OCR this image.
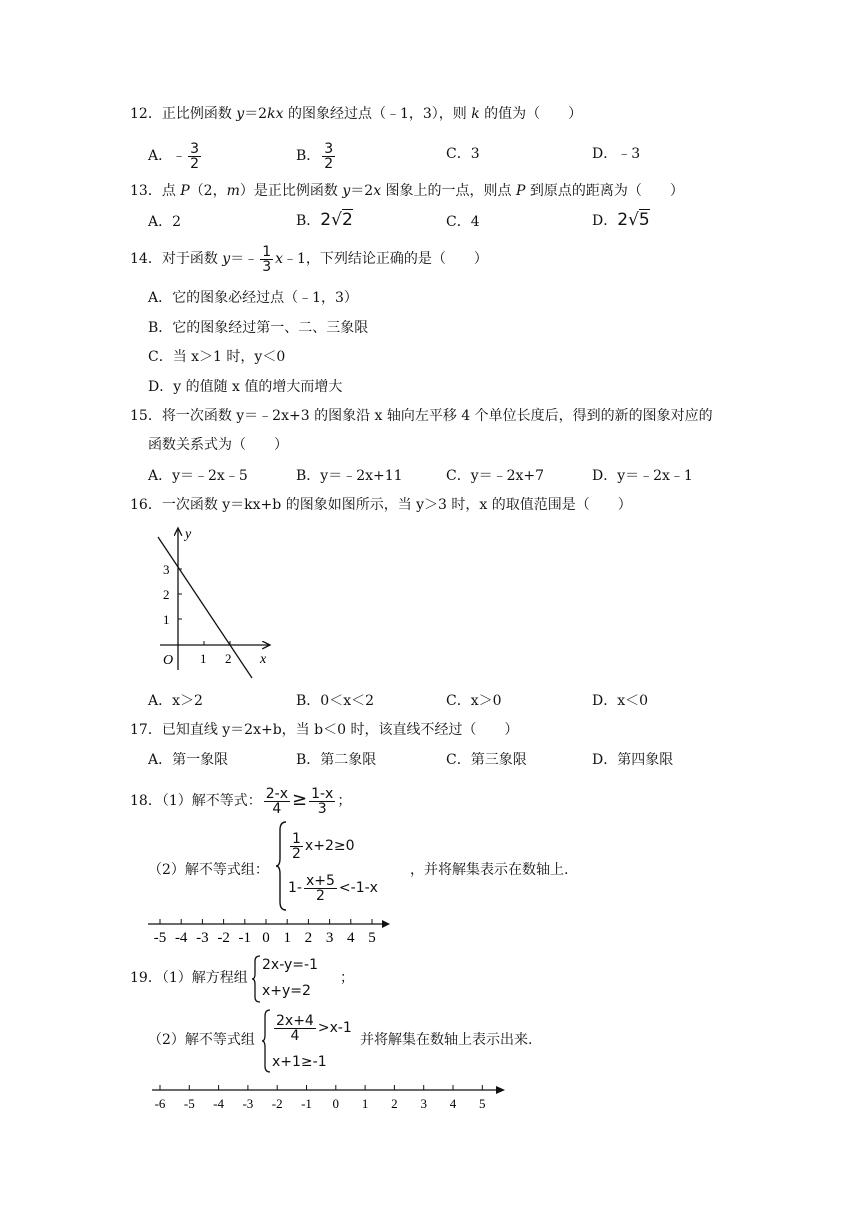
12．正比例函数 y＝2kx 的图象经过点（﹣1，3），则 k 的值为（　　）
A．﹣ $\frac{3}{2}$	B． $\frac{3}{2}$	C．3	D．﹣3
13．点 P（2，m）是正比例函数 y＝2x 图象上的一点，则点 P 到原点的距离为（　　）
A．2	B．2√2	C．4	D．2√5
14．对于函数 y＝﹣ $\frac{1}{3}$ x﹣1，下列结论正确的是（　　）
A．它的图象必经过点（﹣1，3）
B．它的图象经过第一、二、三象限
C．当 x＞1 时，y＜0
D．y 的值随 x 值的增大而增大
15．将一次函数 y＝﹣2x+3 的图象沿 x 轴向左平移 4 个单位长度后，得到的新的图象对应的
函数关系式为（　　）
A．y＝﹣2x﹣5	B．y＝﹣2x+11	C．y＝﹣2x+7	D．y＝﹣2x﹣1
16．一次函数 y＝kx+b 的图象如图所示，当 y＞3 时，x 的取值范围是（　　）
y
x
O
1
2
3
1 2
A．x＞2	B．0＜x＜2	C．x＞0	D．x＜0
17．已知直线 y＝2x+b，当 b＜0 时，该直线不经过（　　）
A．第一象限	B．第二象限	C．第三象限	D．第四象限
18．（1）解不等式： $\frac{2-x}{4} \ge \frac{1-x}{3}$ ；
（2）解不等式组：
$\frac{1}{2} x+2\ge 0$
$1- \frac{x+5}{2} <-1-x$
，并将解集表示在数轴上.
-5 -4 -3 -2 -1 0 1 2 3 4 5
19．（1）解方程组
2x-y=-1
x+y=2
；
（2）解不等式组 $\frac{2x+4}{4} >x-1$
x+1≥-1
并将解集在数轴上表示出来.
-6 -5 -4 -3 -2 -1 0 1 2 3 4 5
